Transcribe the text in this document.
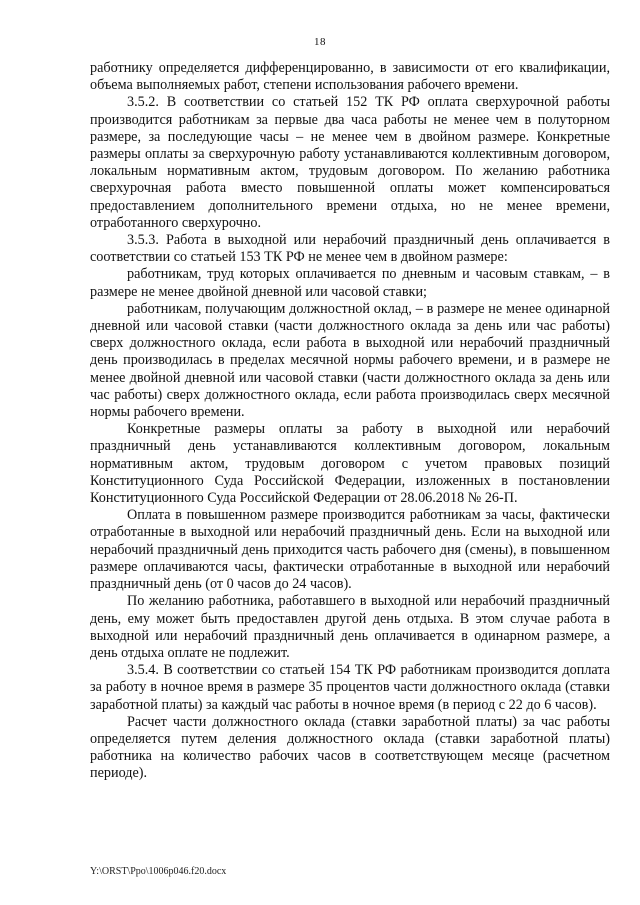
18

работнику определяется дифференцированно, в зависимости от его квалификации, объема выполняемых работ, степени использования рабочего времени.

3.5.2. В соответствии со статьей 152 ТК РФ оплата сверхурочной работы производится работникам за первые два часа работы не менее чем в полуторном размере, за последующие часы – не менее чем в двойном размере. Конкретные размеры оплаты за сверхурочную работу устанавливаются коллективным договором, локальным нормативным актом, трудовым договором. По желанию работника сверхурочная работа вместо повышенной оплаты может компенсироваться предоставлением дополнительного времени отдыха, но не менее времени, отработанного сверхурочно.

3.5.3. Работа в выходной или нерабочий праздничный день оплачивается в соответствии со статьей 153 ТК РФ не менее чем в двойном размере:

работникам, труд которых оплачивается по дневным и часовым ставкам, – в размере не менее двойной дневной или часовой ставки;

работникам, получающим должностной оклад, – в размере не менее одинарной дневной или часовой ставки (части должностного оклада за день или час работы) сверх должностного оклада, если работа в выходной или нерабочий праздничный день производилась в пределах месячной нормы рабочего времени, и в размере не менее двойной дневной или часовой ставки (части должностного оклада за день или час работы) сверх должностного оклада, если работа производилась сверх месячной нормы рабочего времени.

Конкретные размеры оплаты за работу в выходной или нерабочий праздничный день устанавливаются коллективным договором, локальным нормативным актом, трудовым договором с учетом правовых позиций Конституционного Суда Российской Федерации, изложенных в постановлении Конституционного Суда Российской Федерации от 28.06.2018 № 26-П.

Оплата в повышенном размере производится работникам за часы, фактически отработанные в выходной или нерабочий праздничный день. Если на выходной или нерабочий праздничный день приходится часть рабочего дня (смены), в повышенном размере оплачиваются часы, фактически отработанные в выходной или нерабочий праздничный день (от 0 часов до 24 часов).

По желанию работника, работавшего в выходной или нерабочий праздничный день, ему может быть предоставлен другой день отдыха. В этом случае работа в выходной или нерабочий праздничный день оплачивается в одинарном размере, а день отдыха оплате не подлежит.

3.5.4. В соответствии со статьей 154 ТК РФ работникам производится доплата за работу в ночное время в размере 35 процентов части должностного оклада (ставки заработной платы) за каждый час работы в ночное время (в период с 22 до 6 часов).

Расчет части должностного оклада (ставки заработной платы) за час работы определяется путем деления должностного оклада (ставки заработной платы) работника на количество рабочих часов в соответствующем месяце (расчетном периоде).

Y:\ORST\Ppo\1006p046.f20.docx
